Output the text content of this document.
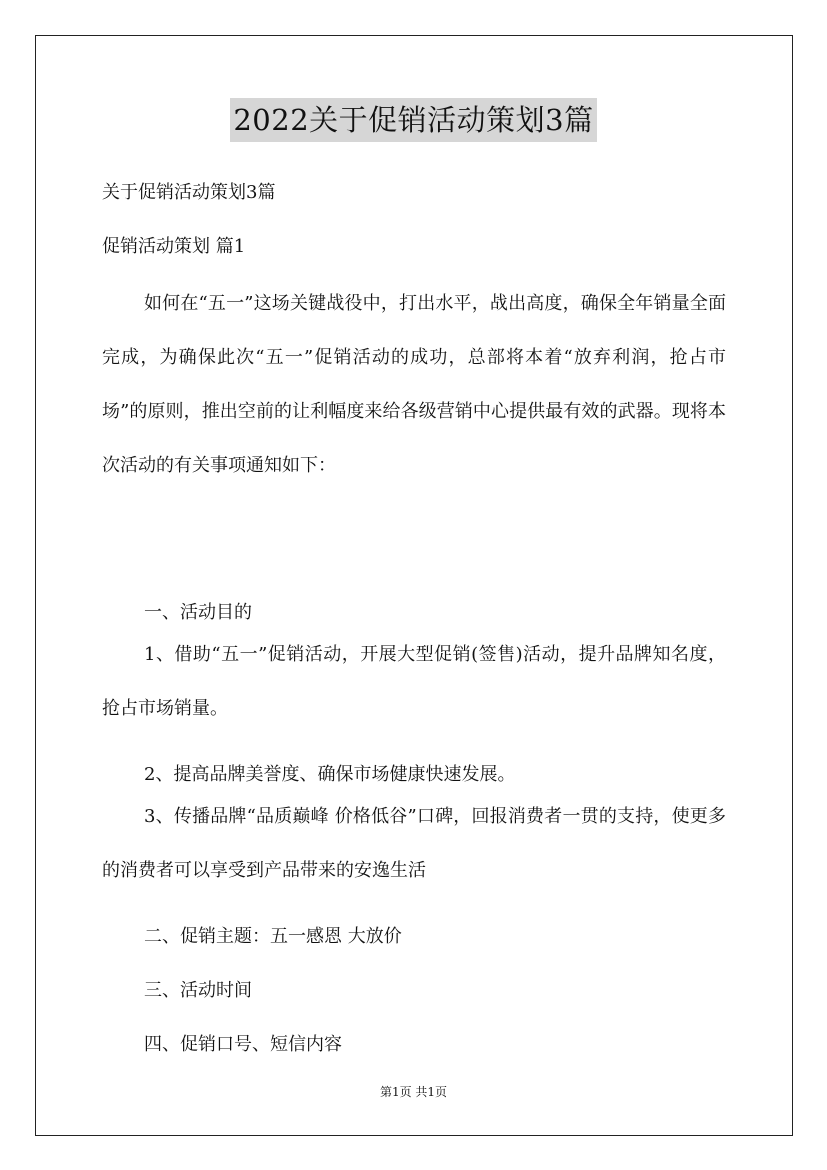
2022关于促销活动策划3篇

关于促销活动策划3篇

促销活动策划 篇1

如何在“五一”这场关键战役中，打出水平，战出高度，确保全年销量全面完成，为确保此次“五一”促销活动的成功，总部将本着“放弃利润，抢占市场”的原则，推出空前的让利幅度来给各级营销中心提供最有效的武器。现将本次活动的有关事项通知如下：

一、活动目的

1、借助“五一”促销活动，开展大型促销(签售)活动，提升品牌知名度，抢占市场销量。

2、提高品牌美誉度、确保市场健康快速发展。

3、传播品牌“品质巅峰 价格低谷”口碑，回报消费者一贯的支持，使更多的消费者可以享受到产品带来的安逸生活

二、促销主题：五一感恩 大放价

三、活动时间

四、促销口号、短信内容

第1页 共1页
